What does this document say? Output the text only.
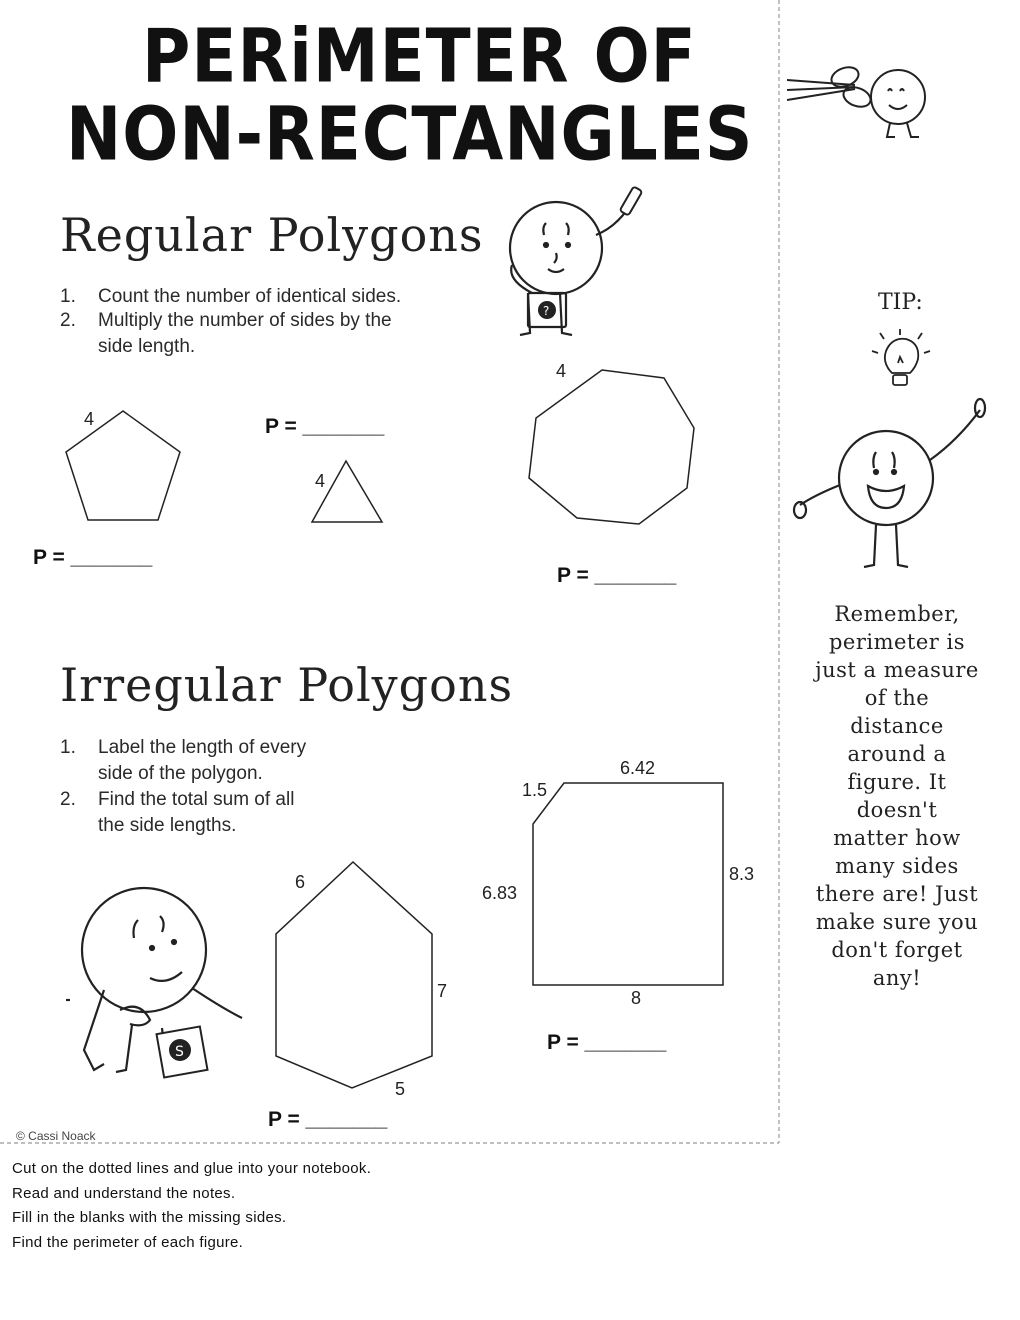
PERiMETER OF
NON-RECTANGLES
Regular Polygons
?
1. Count the number of identical sides.
2. Multiply the number of sides by the
side length.
4
P = _______
P = _______
4
4
P = _______
TIP:
Remember,
perimeter is
just a measure
of the
distance
around a
figure. It
doesn't
matter how
many sides
there are! Just
make sure you
don't forget
any!
Irregular Polygons
1. Label the length of every
side of the polygon.
2. Find the total sum of all
the side lengths.
S
6
7
5
P = _______
6.42
1.5
6.83
8.3
8
P = _______
© Cassi Noack
Cut on the dotted lines and glue into your notebook.
Read and understand the notes.
Fill in the blanks with the missing sides.
Find the perimeter of each figure.
